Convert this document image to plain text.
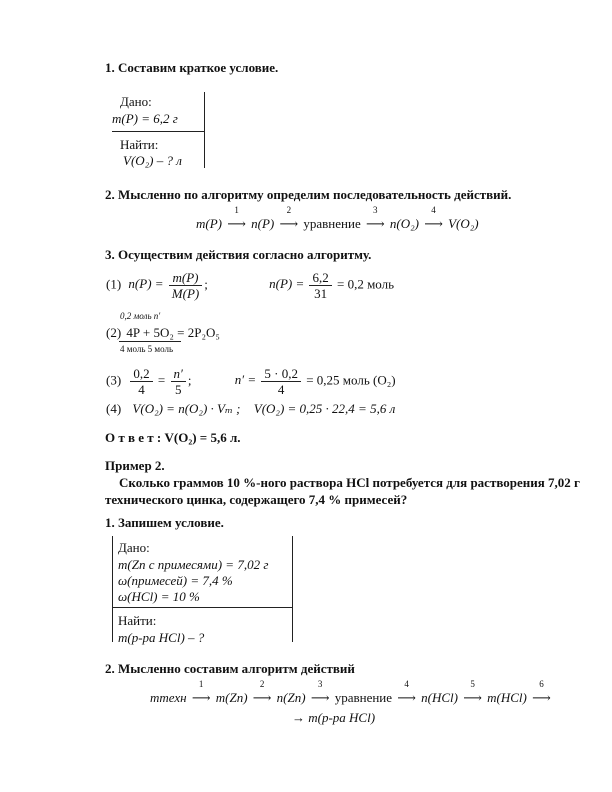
1. Составим краткое условие.
Дано:
m(P) = 6,2 г
Найти:
V(O₂) – ? л
2. Мысленно по алгоритму определим последовательность действий.
m(P)
1
⟶ n(P)
2
⟶ уравнение
3
⟶ n(O₂)
4
⟶ V(O₂)
3. Осуществим действия согласно алгоритму.
(1) $n(P) = \frac{m(P)}{M(P)}$ ;	$n(P) = \frac{6,2}{31} = 0,2$ моль
0,2 моль n′
(2) 4P + 5O₂ = 2P₂O₅
4 моль 5 моль
$(3) \frac{0,2}{4} = \frac{n'}{5}$ ;	$n' = \frac{5 \cdot 0,2}{4} = 0,25$ моль (O₂)
(4) V(O₂) = n(O₂) · Vₘ ; V(O₂) = 0,25 · 22,4 = 5,6 л
О т в е т : V(O₂) = 5,6 л.
Пример 2.
Сколько граммов 10 %-ного раствора HCl потребуется для растворения 7,02 г
технического цинка, содержащего 7,4 % примесей?
1. Запишем условие.
Дано:
m(Zn с примесями) = 7,02 г
ω(примесей) = 7,4 %
ω(HCl) = 10 %
Найти:
m(р-ра HCl) – ?
2. Мысленно составим алгоритм действий
mтехн
1
⟶ m(Zn)
2
⟶ n(Zn)
3
⟶ уравнение
4
⟶ n(HCl)
5
⟶ m(HCl)
6
⟶
→ m(р-ра HCl)
